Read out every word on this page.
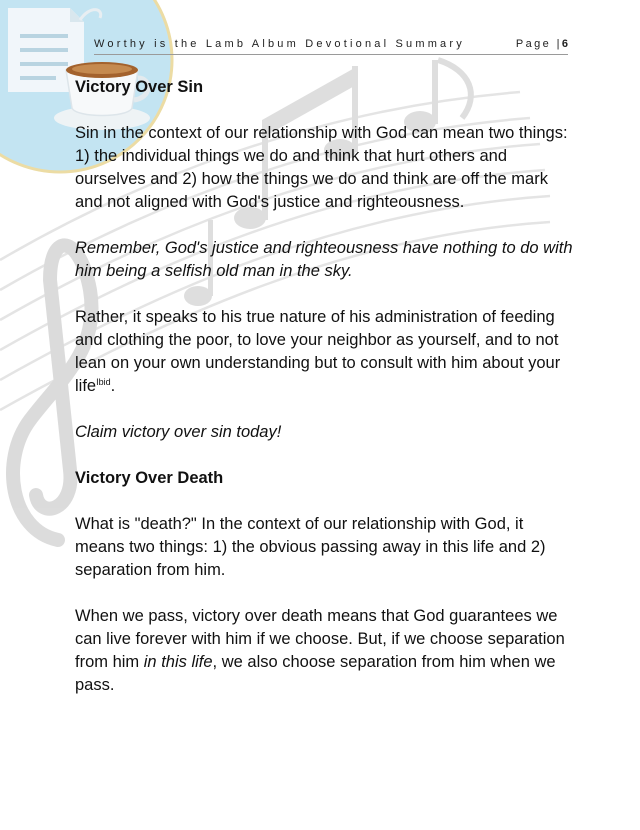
Worthy is the Lamb Album Devotional Summary	Page |6
Victory Over Sin

Sin in the context of our relationship with God can mean two things: 1) the individual things we do and think that hurt others and ourselves and 2) how the things we do and think are off the mark and not aligned with God's justice and righteousness.

Remember, God's justice and righteousness have nothing to do with him being a selfish old man in the sky.

Rather, it speaks to his true nature of his administration of feeding and clothing the poor, to love your neighbor as yourself, and to not lean on your own understanding but to consult with him about your life$^{Ibid}$.

Claim victory over sin today!

Victory Over Death

What is "death?" In the context of our relationship with God, it means two things: 1) the obvious passing away in this life and 2) separation from him.

When we pass, victory over death means that God guarantees we can live forever with him if we choose. But, if we choose separation from him in this life, we also choose separation from him when we pass.
